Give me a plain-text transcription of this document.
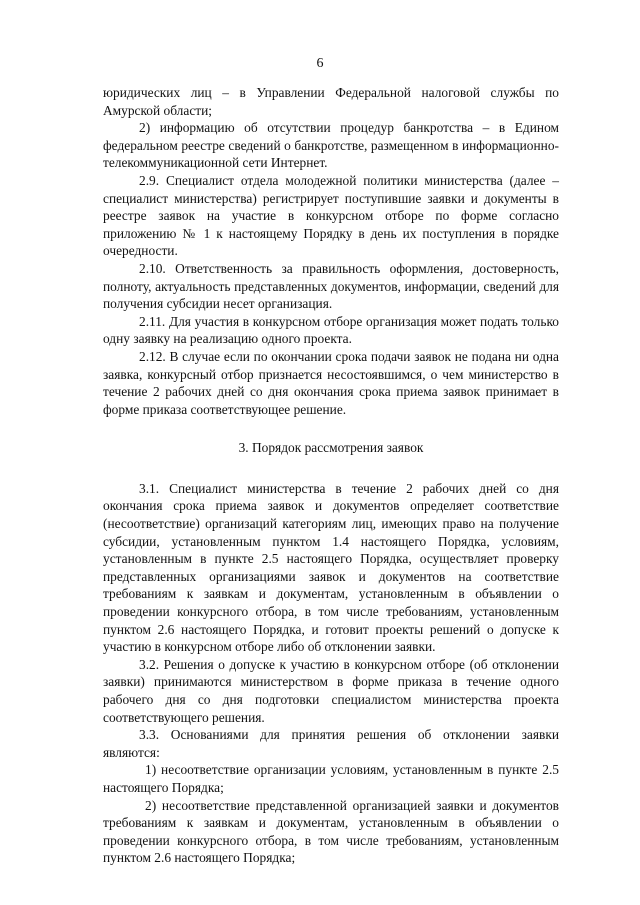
6

юридических лиц – в Управлении Федеральной налоговой службы по Амурской области;

2) информацию об отсутствии процедур банкротства – в Едином федеральном реестре сведений о банкротстве, размещенном в информационно-телекоммуникационной сети Интернет.

2.9. Специалист отдела молодежной политики министерства (далее – специалист министерства) регистрирует поступившие заявки и документы в реестре заявок на участие в конкурсном отборе по форме согласно приложению № 1 к настоящему Порядку в день их поступления в порядке очередности.

2.10. Ответственность за правильность оформления, достоверность, полноту, актуальность представленных документов, информации, сведений для получения субсидии несет организация.

2.11. Для участия в конкурсном отборе организация может подать только одну заявку на реализацию одного проекта.

2.12. В случае если по окончании срока подачи заявок не подана ни одна заявка, конкурсный отбор признается несостоявшимся, о чем министерство в течение 2 рабочих дней со дня окончания срока приема заявок принимает в форме приказа соответствующее решение.

3. Порядок рассмотрения заявок

3.1. Специалист министерства в течение 2 рабочих дней со дня окончания срока приема заявок и документов определяет соответствие (несоответствие) организаций категориям лиц, имеющих право на получение субсидии, установленным пунктом 1.4 настоящего Порядка, условиям, установленным в пункте 2.5 настоящего Порядка, осуществляет проверку представленных организациями заявок и документов на соответствие требованиям к заявкам и документам, установленным в объявлении о проведении конкурсного отбора, в том числе требованиям, установленным пунктом 2.6 настоящего Порядка, и готовит проекты решений о допуске к участию в конкурсном отборе либо об отклонении заявки.

3.2. Решения о допуске к участию в конкурсном отборе (об отклонении заявки) принимаются министерством в форме приказа в течение одного рабочего дня со дня подготовки специалистом министерства проекта соответствующего решения.

3.3. Основаниями для принятия решения об отклонении заявки являются:

1) несоответствие организации условиям, установленным в пункте 2.5 настоящего Порядка;

2) несоответствие представленной организацией заявки и документов требованиям к заявкам и документам, установленным в объявлении о проведении конкурсного отбора, в том числе требованиям, установленным пунктом 2.6 настоящего Порядка;
